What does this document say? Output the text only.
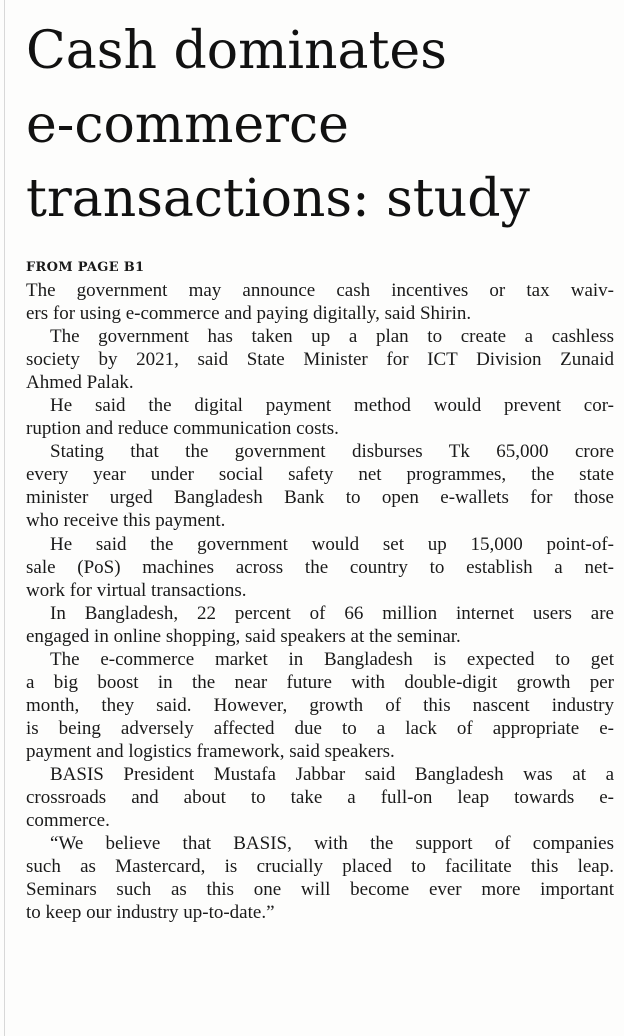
Cash dominates
e-commerce
transactions: study
FROM PAGE B1
The government may announce cash incentives or tax waiv-
ers for using e-commerce and paying digitally, said Shirin.
The government has taken up a plan to create a cashless
society by 2021, said State Minister for ICT Division Zunaid
Ahmed Palak.
He said the digital payment method would prevent cor-
ruption and reduce communication costs.
Stating that the government disburses Tk 65,000 crore
every year under social safety net programmes, the state
minister urged Bangladesh Bank to open e-wallets for those
who receive this payment.
He said the government would set up 15,000 point-of-
sale (PoS) machines across the country to establish a net-
work for virtual transactions.
In Bangladesh, 22 percent of 66 million internet users are
engaged in online shopping, said speakers at the seminar.
The e-commerce market in Bangladesh is expected to get
a big boost in the near future with double-digit growth per
month, they said. However, growth of this nascent industry
is being adversely affected due to a lack of appropriate e-
payment and logistics framework, said speakers.
BASIS President Mustafa Jabbar said Bangladesh was at a
crossroads and about to take a full-on leap towards e-
commerce.
“We believe that BASIS, with the support of companies
such as Mastercard, is crucially placed to facilitate this leap.
Seminars such as this one will become ever more important
to keep our industry up-to-date.”
